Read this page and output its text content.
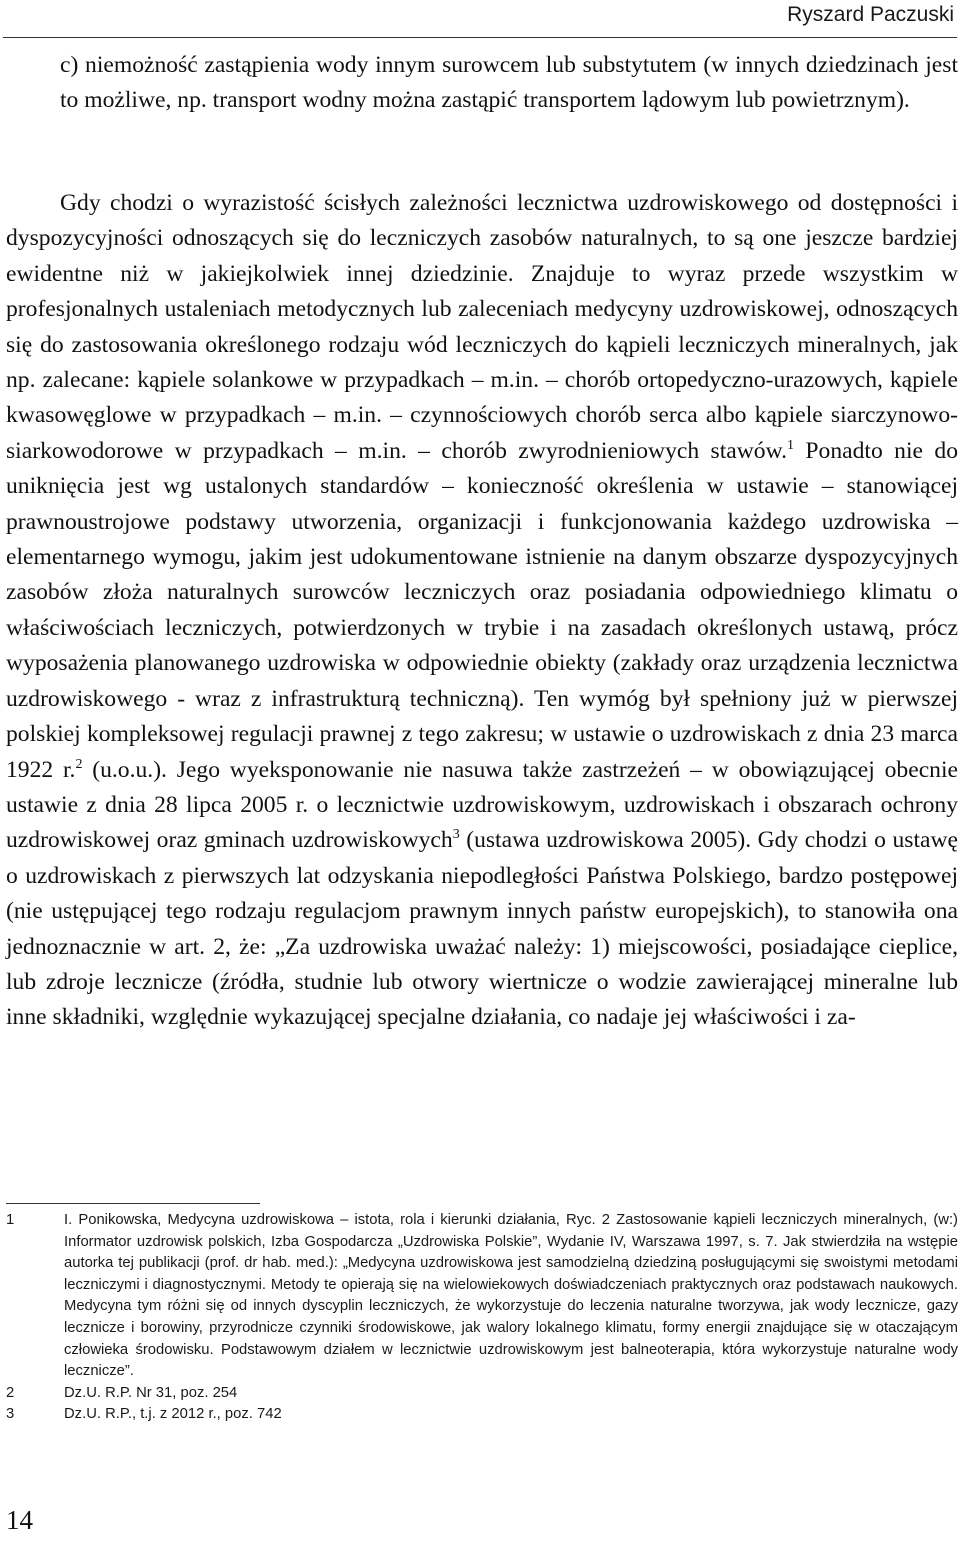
Ryszard Paczuski
c) niemożność zastąpienia wody innym surowcem lub substytutem (w innych dziedzinach jest to możliwe, np. transport wodny można zastąpić transportem lądowym lub powietrznym).
Gdy chodzi o wyrazistość ścisłych zależności lecznictwa uzdrowiskowego od dostępności i dyspozycyjności odnoszących się do leczniczych zasobów naturalnych, to są one jeszcze bardziej ewidentne niż w jakiejkolwiek innej dziedzinie. Znajduje to wyraz przede wszystkim w profesjonalnych ustaleniach metodycznych lub zaleceniach medycyny uzdrowiskowej, odnoszących się do zastosowania określonego rodzaju wód leczniczych do kąpieli leczniczych mineralnych, jak np. zalecane: kąpiele solankowe w przypadkach – m.in. – chorób ortopedyczno-urazowych, kąpiele kwasowęglowe w przypadkach – m.in. – czynnościowych chorób serca albo kąpiele siarczynowo-siarkowodorowe w przypadkach – m.in. – chorób zwyrodnieniowych stawów.$^1$ Ponadto nie do uniknięcia jest wg ustalonych standardów – konieczność określenia w ustawie – stanowiącej prawnoustrojowe podstawy utworzenia, organizacji i funkcjonowania każdego uzdrowiska – elementarnego wymogu, jakim jest udokumentowane istnienie na danym obszarze dyspozycyjnych zasobów złoża naturalnych surowców leczniczych oraz posiadania odpowiedniego klimatu o właściwościach leczniczych, potwierdzonych w trybie i na zasadach określonych ustawą, prócz wyposażenia planowanego uzdrowiska w odpowiednie obiekty (zakłady oraz urządzenia lecznictwa uzdrowiskowego - wraz z infrastrukturą techniczną). Ten wymóg był spełniony już w pierwszej polskiej kompleksowej regulacji prawnej z tego zakresu; w ustawie o uzdrowiskach z dnia 23 marca 1922 r.$^2$ (u.o.u.). Jego wyeksponowanie nie nasuwa także zastrzeżeń – w obowiązującej obecnie ustawie z dnia 28 lipca 2005 r. o lecznictwie uzdrowiskowym, uzdrowiskach i obszarach ochrony uzdrowiskowej oraz gminach uzdrowiskowych$^3$ (ustawa uzdrowiskowa 2005). Gdy chodzi o ustawę o uzdrowiskach z pierwszych lat odzyskania niepodległości Państwa Polskiego, bardzo postępowej (nie ustępującej tego rodzaju regulacjom prawnym innych państw europejskich), to stanowiła ona jednoznacznie w art. 2, że: „Za uzdrowiska uważać należy: 1) miejscowości, posiadające cieplice, lub zdroje lecznicze (źródła, studnie lub otwory wiertnicze o wodzie zawierającej mineralne lub inne składniki, względnie wykazującej specjalne działania, co nadaje jej właściwości i za-
1	I. Ponikowska, Medycyna uzdrowiskowa – istota, rola i kierunki działania, Ryc. 2 Zastosowanie kąpieli leczniczych mineralnych, (w:) Informator uzdrowisk polskich, Izba Gospodarcza „Uzdrowiska Polskie”, Wydanie IV, Warszawa 1997, s. 7. Jak stwierdziła na wstępie autorka tej publikacji (prof. dr hab. med.): „Medycyna uzdrowiskowa jest samodzielną dziedziną posługującymi się swoistymi metodami leczniczymi i diagnostycznymi. Metody te opierają się na wielowiekowych doświadczeniach praktycznych oraz podstawach naukowych. Medycyna tym różni się od innych dyscyplin leczniczych, że wykorzystuje do leczenia naturalne tworzywa, jak wody lecznicze, gazy lecznicze i borowiny, przyrodnicze czynniki środowiskowe, jak walory lokalnego klimatu, formy energii znajdujące się w otaczającym człowieka środowisku. Podstawowym działem w lecznictwie uzdrowiskowym jest balneoterapia, która wykorzystuje naturalne wody lecznicze”.
2	Dz.U. R.P. Nr 31, poz. 254
3	Dz.U. R.P., t.j. z 2012 r., poz. 742
14
